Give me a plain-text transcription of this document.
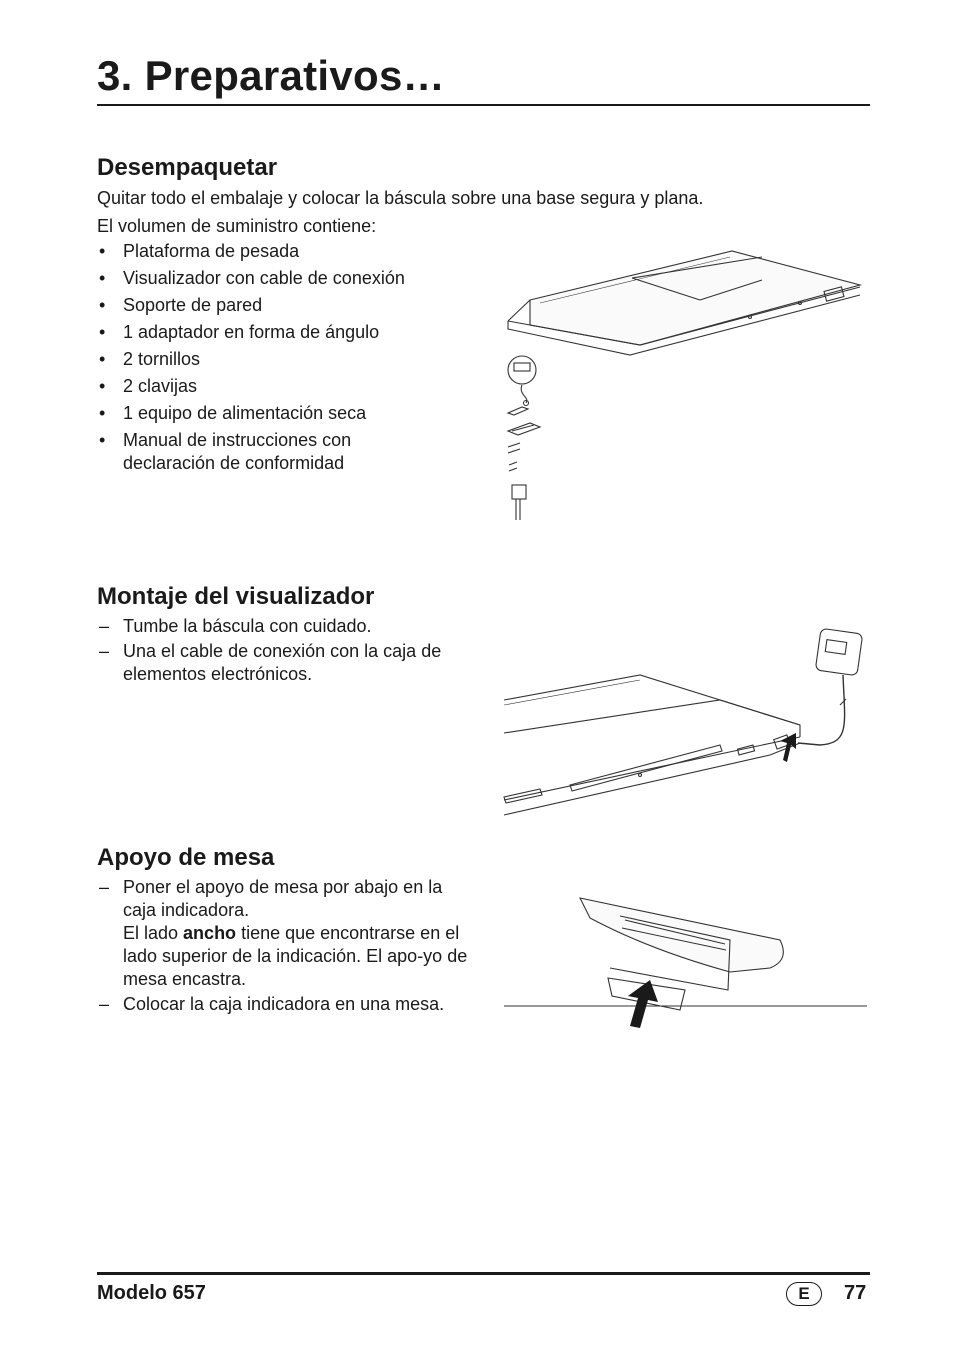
3. Preparativos…
Desempaquetar

Quitar todo el embalaje y colocar la báscula sobre una base segura y plana.

El volumen de suministro contiene:

• Plataforma de pesada
• Visualizador con cable de conexión
• Soporte de pared
• 1 adaptador en forma de ángulo
• 2 tornillos
• 2 clavijas
• 1 equipo de alimentación seca
• Manual de instrucciones con declaración de conformidad
Montaje del visualizador
– Tumbe la báscula con cuidado.
– Una el cable de conexión con la caja de elementos electrónicos.
Apoyo de mesa
– Poner el apoyo de mesa por abajo en la caja indicadora.
El lado ancho tiene que encontrarse en el lado superior de la indicación. El apo-yo de mesa encastra.
– Colocar la caja indicadora en una mesa.
Modelo 657	E	77
